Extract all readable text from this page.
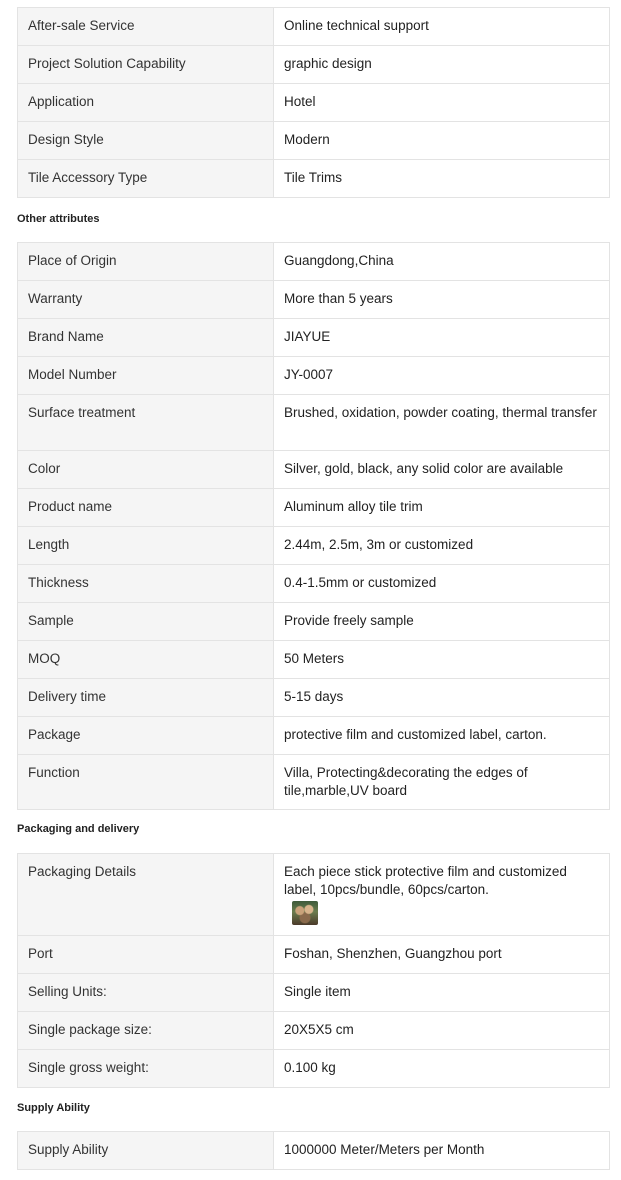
After-sale Service	Online technical support

Project Solution Capability	graphic design

Application	Hotel

Design Style	Modern

Tile Accessory Type	Tile Trims
Other attributes
Place of Origin	Guangdong,China

Warranty	More than 5 years

Brand Name	JIAYUE

Model Number	JY-0007

Surface treatment	Brushed, oxidation, powder coating, thermal transfer

Color	Silver, gold, black, any solid color are available

Product name	Aluminum alloy tile trim

Length	2.44m, 2.5m, 3m or customized

Thickness	0.4-1.5mm or customized

Sample	Provide freely sample

MOQ	50 Meters

Delivery time	5-15 days

Package	protective film and customized label, carton.

Function	Villa, Protecting&decorating the edges of tile,marble,UV board
Packaging and delivery
Packaging Details	Each piece stick protective film and customized label, 10pcs/bundle, 60pcs/carton.

Port	Foshan, Shenzhen, Guangzhou port

Selling Units:	Single item

Single package size:	20X5X5 cm

Single gross weight:	0.100 kg
Supply Ability
Supply Ability	1000000 Meter/Meters per Month
